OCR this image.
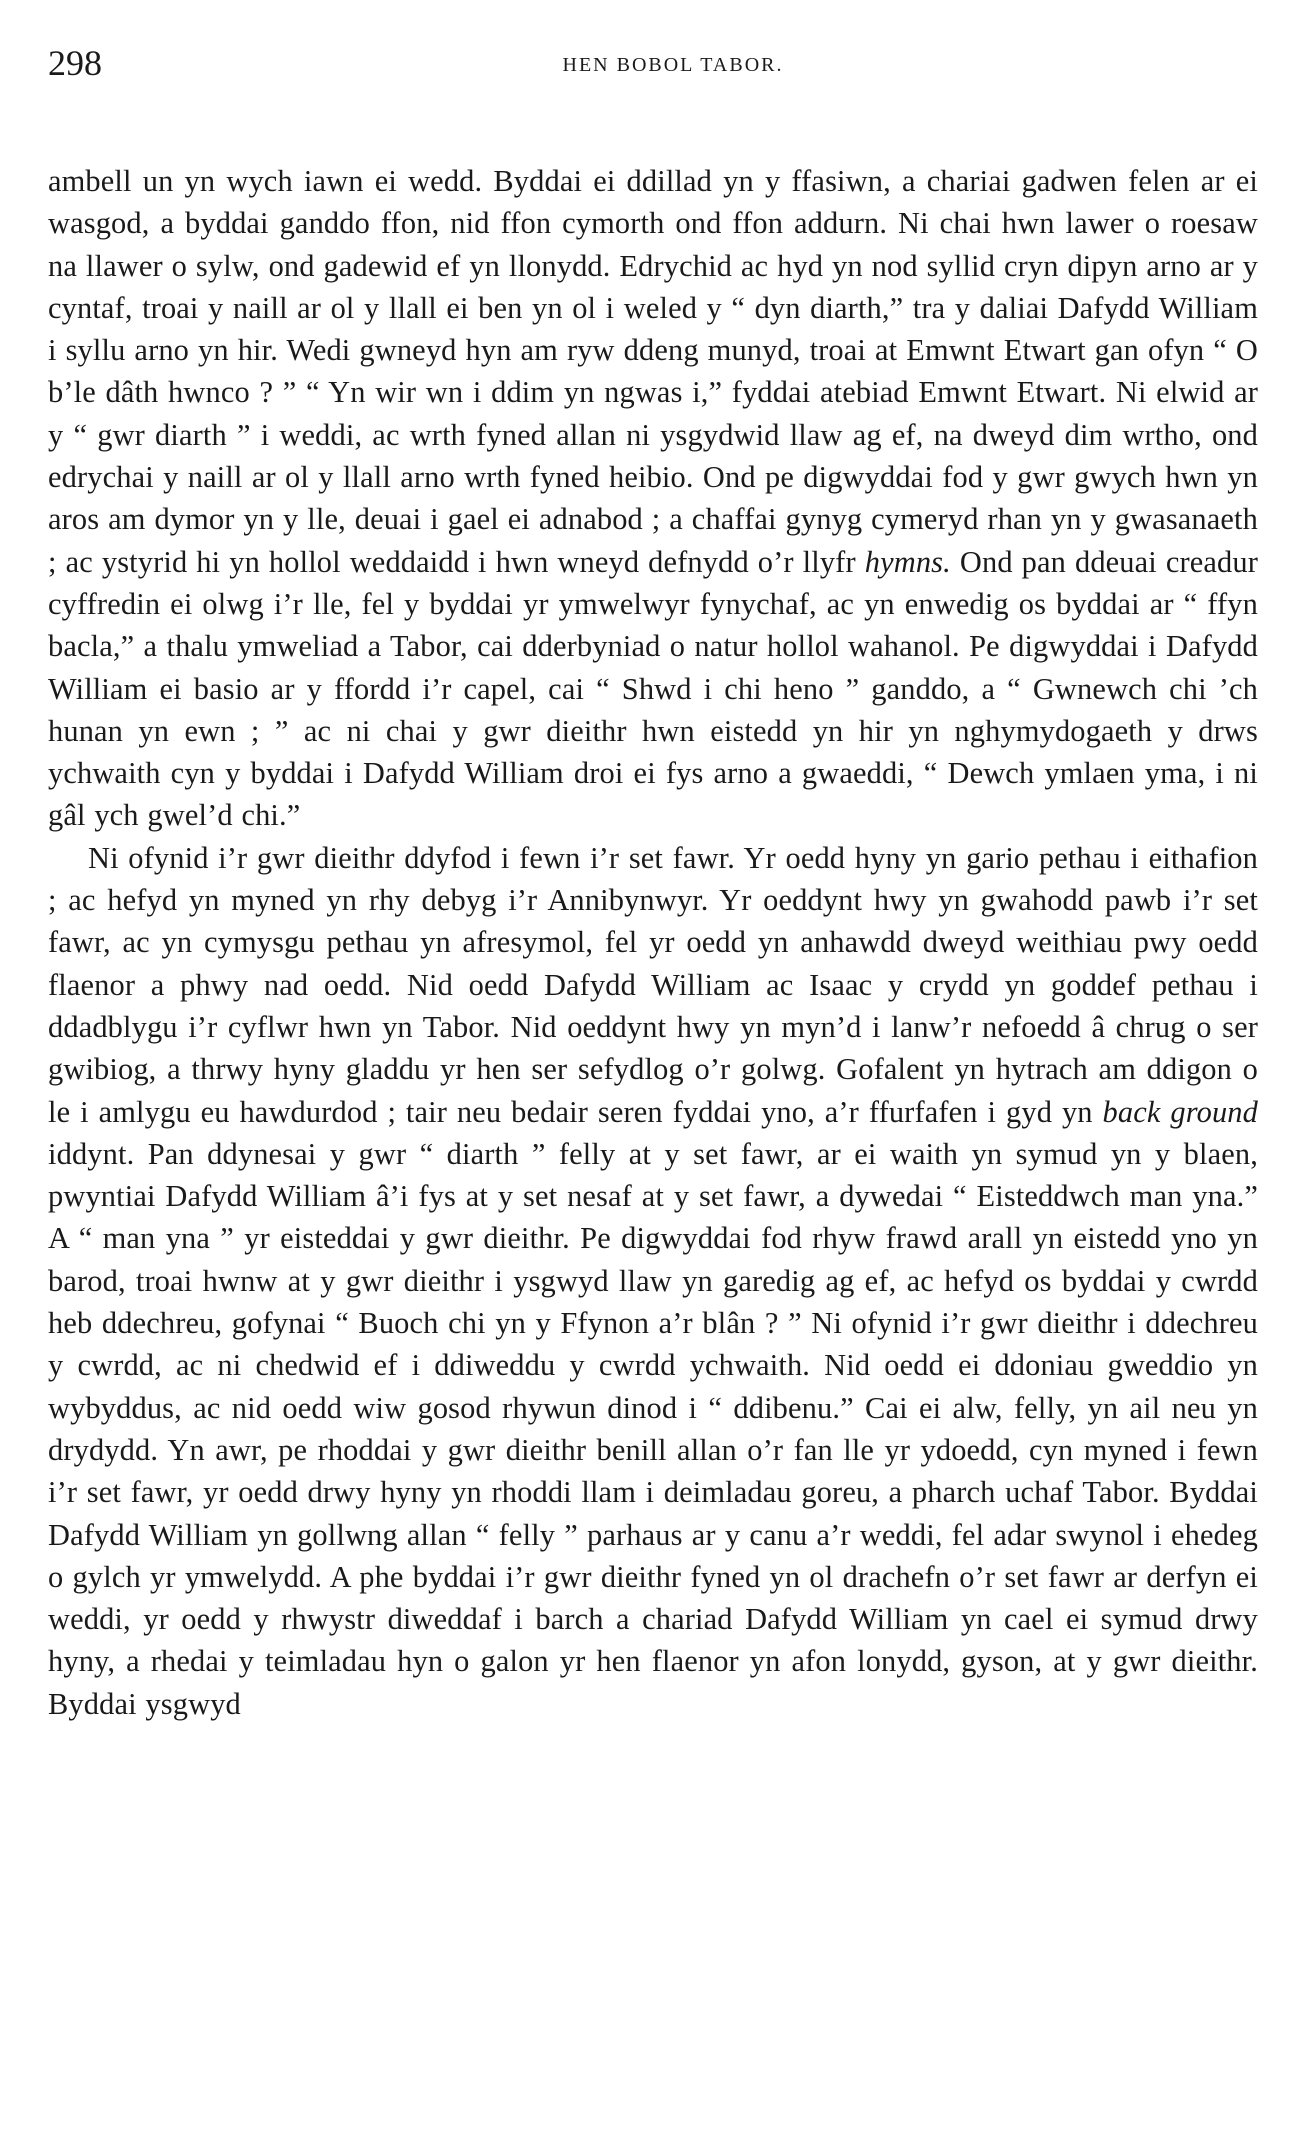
298	HEN BOBOL TABOR.

ambell un yn wych iawn ei wedd. Byddai ei ddillad yn y ffasiwn, a chariai gadwen felen ar ei wasgod, a byddai ganddo ffon, nid ffon cymorth ond ffon addurn. Ni chai hwn lawer o roesaw na llawer o sylw, ond gadewid ef yn llonydd. Edrychid ac hyd yn nod syllid cryn dipyn arno ar y cyntaf, troai y naill ar ol y llall ei ben yn ol i weled y “ dyn diarth,” tra y daliai Dafydd William i syllu arno yn hir. Wedi gwneyd hyn am ryw ddeng munyd, troai at Emwnt Etwart gan ofyn “ O b’le dâth hwnco ? ” “ Yn wir wn i ddim yn ngwas i,” fyddai atebiad Emwnt Etwart. Ni elwid ar y “ gwr diarth ” i weddi, ac wrth fyned allan ni ysgydwid llaw ag ef, na dweyd dim wrtho, ond edrychai y naill ar ol y llall arno wrth fyned heibio. Ond pe digwyddai fod y gwr gwych hwn yn aros am dymor yn y lle, deuai i gael ei adnabod ; a chaffai gynyg cymeryd rhan yn y gwasanaeth ; ac ystyrid hi yn hollol weddaidd i hwn wneyd defnydd o’r llyfr hymns. Ond pan ddeuai creadur cyffredin ei olwg i’r lle, fel y byddai yr ymwelwyr fynychaf, ac yn enwedig os byddai ar “ ffyn bacla,” a thalu ymweliad a Tabor, cai dderbyniad o natur hollol wahanol. Pe digwyddai i Dafydd William ei basio ar y ffordd i’r capel, cai “ Shwd i chi heno ” ganddo, a “ Gwnewch chi ’ch hunan yn ewn ; ” ac ni chai y gwr dieithr hwn eistedd yn hir yn nghymydogaeth y drws ychwaith cyn y byddai i Dafydd William droi ei fys arno a gwaeddi, “ Dewch ymlaen yma, i ni gâl ych gwel’d chi.”

Ni ofynid i’r gwr dieithr ddyfod i fewn i’r set fawr. Yr oedd hyny yn gario pethau i eithafion ; ac hefyd yn myned yn rhy debyg i’r Annibynwyr. Yr oeddynt hwy yn gwahodd pawb i’r set fawr, ac yn cymysgu pethau yn afresymol, fel yr oedd yn anhawdd dweyd weithiau pwy oedd flaenor a phwy nad oedd. Nid oedd Dafydd William ac Isaac y crydd yn goddef pethau i ddadblygu i’r cyflwr hwn yn Tabor. Nid oeddynt hwy yn myn’d i lanw’r nefoedd â chrug o ser gwibiog, a thrwy hyny gladdu yr hen ser sefydlog o’r golwg. Gofalent yn hytrach am ddigon o le i amlygu eu hawdurdod ; tair neu bedair seren fyddai yno, a’r ffurfafen i gyd yn back ground iddynt. Pan ddynesai y gwr “ diarth ” felly at y set fawr, ar ei waith yn symud yn y blaen, pwyntiai Dafydd William â’i fys at y set nesaf at y set fawr, a dywedai “ Eisteddwch man yna.” A “ man yna ” yr eisteddai y gwr dieithr. Pe digwyddai fod rhyw frawd arall yn eistedd yno yn barod, troai hwnw at y gwr dieithr i ysgwyd llaw yn garedig ag ef, ac hefyd os byddai y cwrdd heb ddechreu, gofynai “ Buoch chi yn y Ffynon a’r blân ? ” Ni ofynid i’r gwr dieithr i ddechreu y cwrdd, ac ni chedwid ef i ddiweddu y cwrdd ychwaith. Nid oedd ei ddoniau gweddio yn wybyddus, ac nid oedd wiw gosod rhywun dinod i “ ddibenu.” Cai ei alw, felly, yn ail neu yn drydydd. Yn awr, pe rhoddai y gwr dieithr benill allan o’r fan lle yr ydoedd, cyn myned i fewn i’r set fawr, yr oedd drwy hyny yn rhoddi llam i deimladau goreu, a pharch uchaf Tabor. Byddai Dafydd William yn gollwng allan “ felly ” parhaus ar y canu a’r weddi, fel adar swynol i ehedeg o gylch yr ymwelydd. A phe byddai i’r gwr dieithr fyned yn ol drachefn o’r set fawr ar derfyn ei weddi, yr oedd y rhwystr diweddaf i barch a chariad Dafydd William yn cael ei symud drwy hyny, a rhedai y teimladau hyn o galon yr hen flaenor yn afon lonydd, gyson, at y gwr dieithr. Byddai ysgwyd
